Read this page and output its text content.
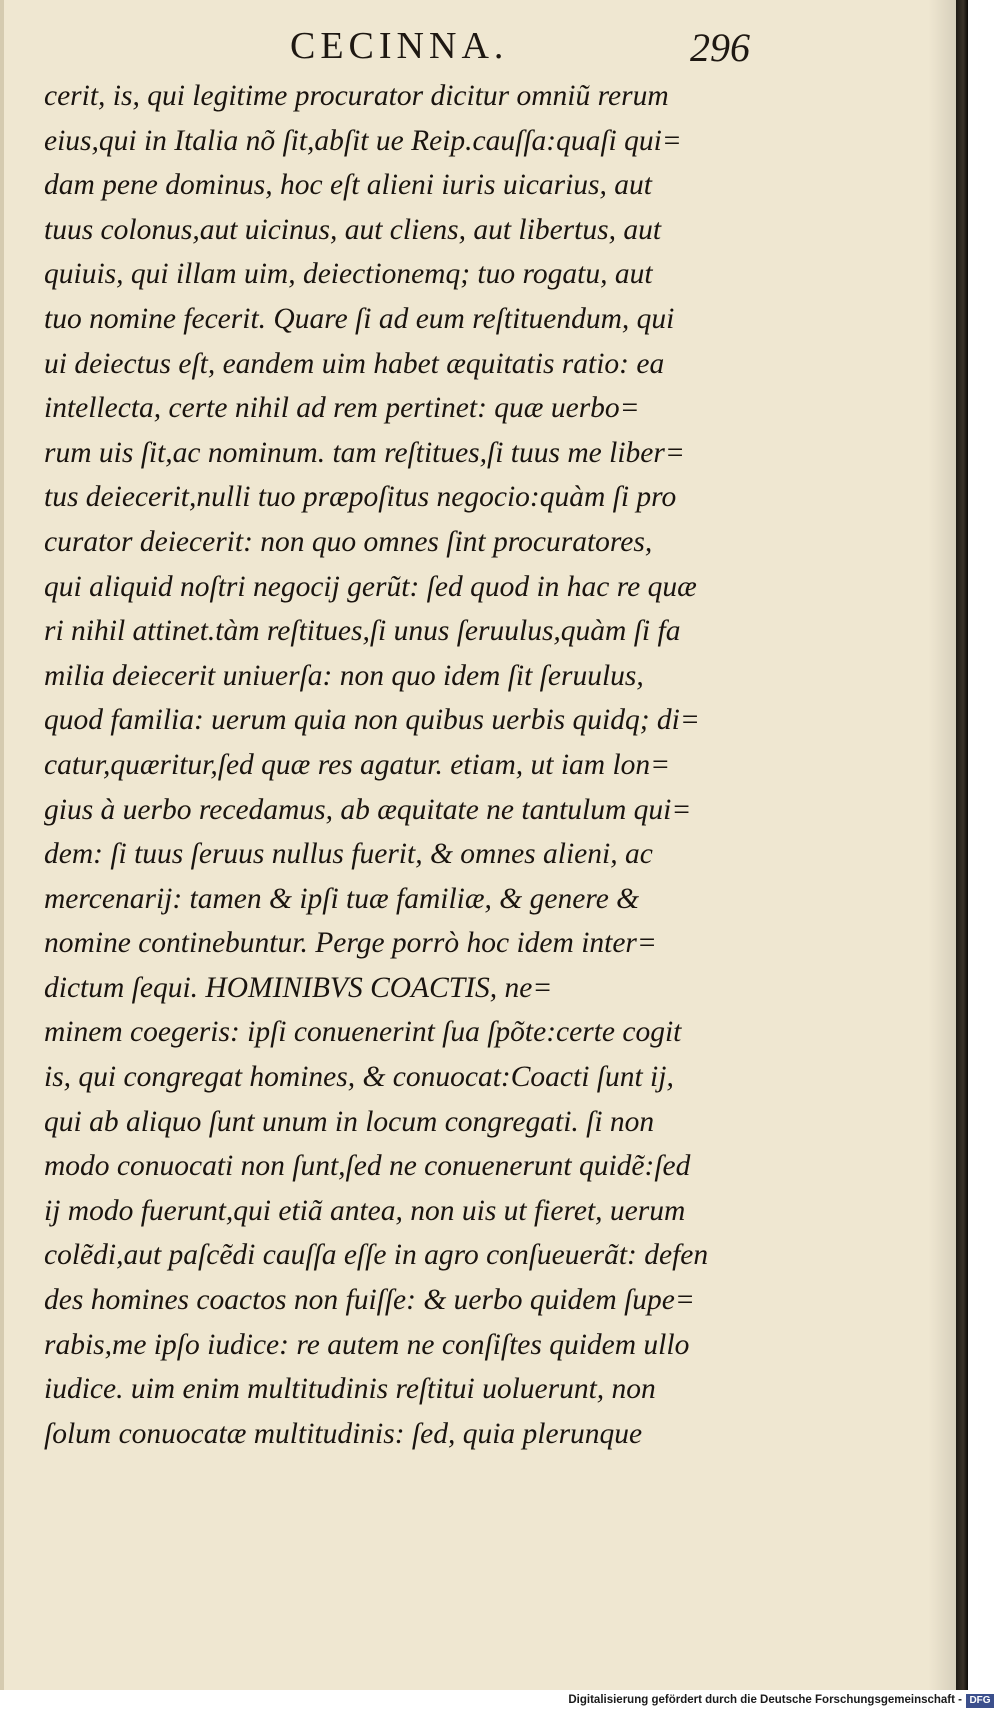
CECINNA.	296
cerit, is, qui legitime procurator dicitur omniũ rerum
eius,qui in Italia nõ ſit,abſit ue Reip.cauſſa:quaſi qui=
dam pene dominus, hoc eſt alieni iuris uicarius, aut
tuus colonus,aut uicinus, aut cliens, aut libertus, aut
quiuis, qui illam uim, deiectionemq; tuo rogatu, aut
tuo nomine fecerit. Quare ſi ad eum reſtituendum, qui
ui deiectus eſt, eandem uim habet æquitatis ratio: ea
intellecta, certe nihil ad rem pertinet: quæ uerbo=
rum uis ſit,ac nominum. tam reſtitues,ſi tuus me liber=
tus deiecerit,nulli tuo præpoſitus negocio:quàm ſi pro
curator deiecerit: non quo omnes ſint procuratores,
qui aliquid noſtri negocij gerũt: ſed quod in hac re quæ
ri nihil attinet.tàm reſtitues,ſi unus ſeruulus,quàm ſi fa
milia deiecerit uniuerſa: non quo idem ſit ſeruulus,
quod familia: uerum quia non quibus uerbis quidq; di=
catur,quæritur,ſed quæ res agatur. etiam, ut iam lon=
gius à uerbo recedamus, ab æquitate ne tantulum qui=
dem: ſi tuus ſeruus nullus fuerit, & omnes alieni, ac
mercenarij: tamen & ipſi tuæ familiæ, & genere &
nomine continebuntur. Perge porrò hoc idem inter=
dictum ſequi. HOMINIBVS COACTIS, ne=
minem coegeris: ipſi conuenerint ſua ſpõte:certe cogit
is, qui congregat homines, & conuocat:Coacti ſunt ij,
qui ab aliquo ſunt unum in locum congregati. ſi non
modo conuocati non ſunt,ſed ne conuenerunt quidẽ:ſed
ij modo fuerunt,qui etiã antea, non uis ut fieret, uerum
colẽdi,aut paſcẽdi cauſſa eſſe in agro conſueuerãt: defen
des homines coactos non fuiſſe: & uerbo quidem ſupe=
rabis,me ipſo iudice: re autem ne conſiſtes quidem ullo
iudice. uim enim multitudinis reſtitui uoluerunt, non
ſolum conuocatæ multitudinis: ſed, quia plerunque
Digitalisierung gefördert durch die Deutsche Forschungsgemeinschaft - DFG
